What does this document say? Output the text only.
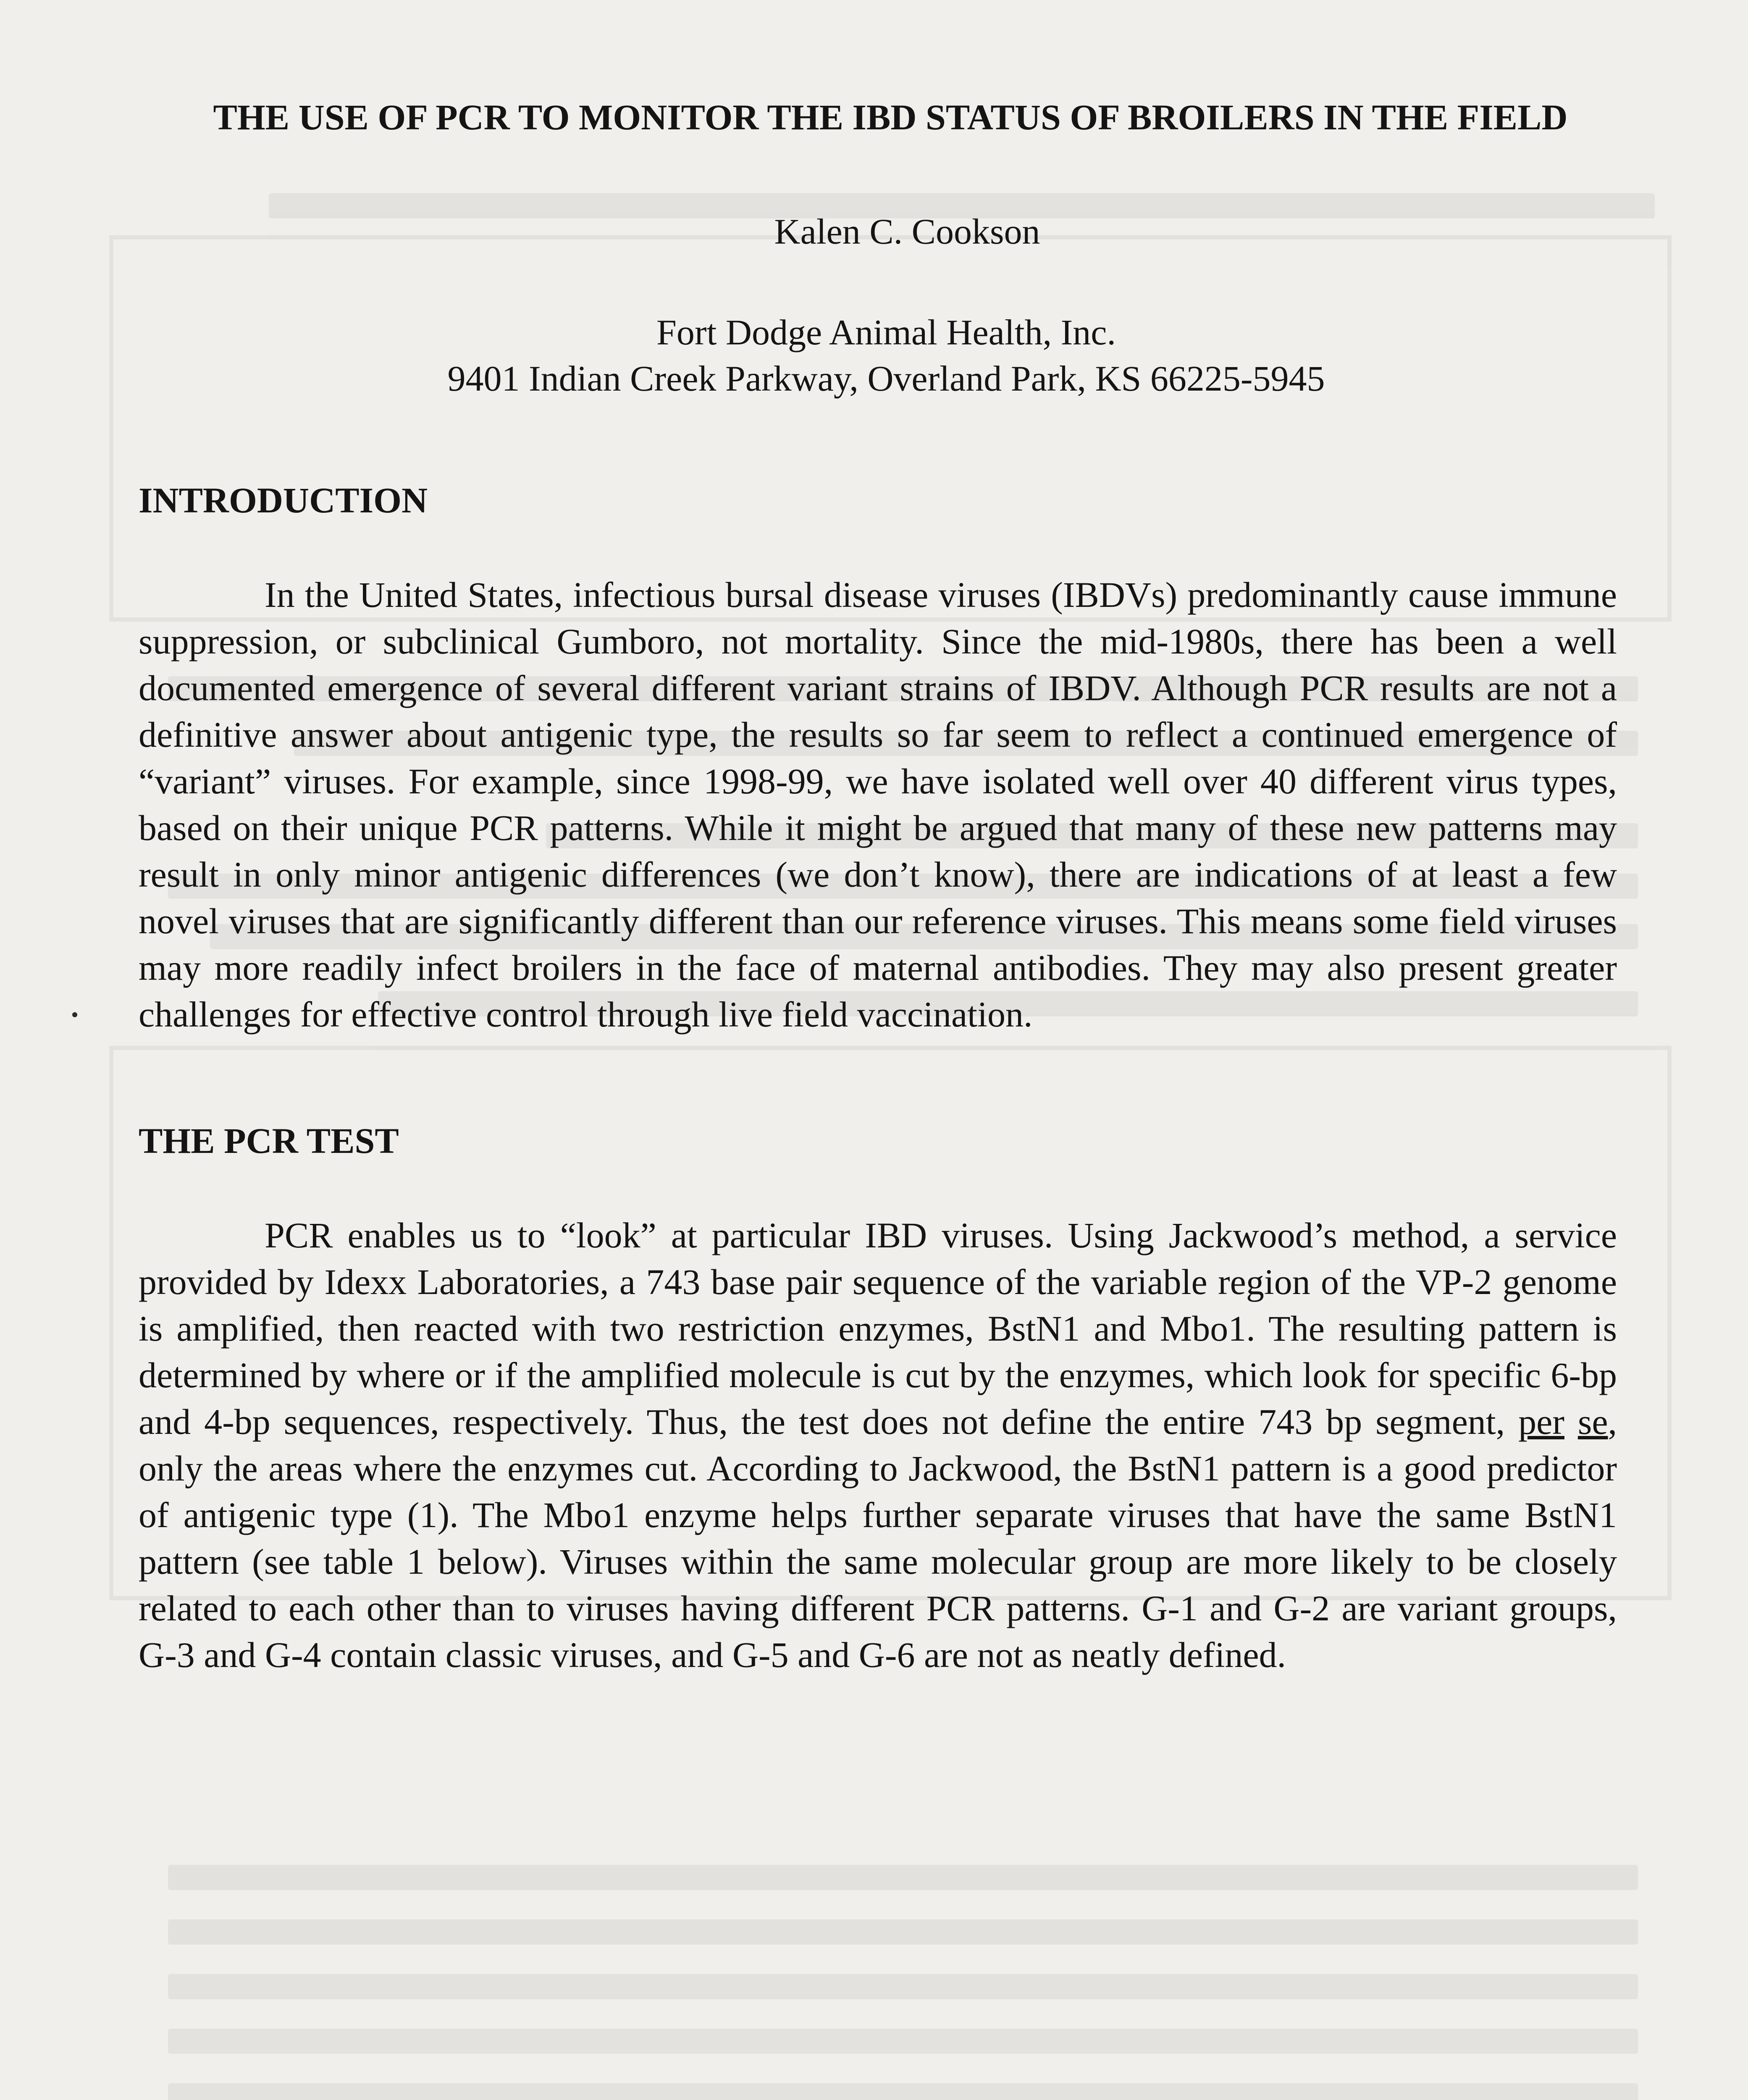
THE USE OF PCR TO MONITOR THE IBD STATUS OF BROILERS IN THE FIELD
Kalen C. Cookson
Fort Dodge Animal Health, Inc.
9401 Indian Creek Parkway, Overland Park, KS 66225-5945
INTRODUCTION

In the United States, infectious bursal disease viruses (IBDVs) predominantly cause immune suppression, or subclinical Gumboro, not mortality. Since the mid-1980s, there has been a well documented emergence of several different variant strains of IBDV. Although PCR results are not a definitive answer about antigenic type, the results so far seem to reflect a continued emergence of “variant” viruses. For example, since 1998-99, we have isolated well over 40 different virus types, based on their unique PCR patterns. While it might be argued that many of these new patterns may result in only minor antigenic differences (we don’t know), there are indications of at least a few novel viruses that are significantly different than our reference viruses. This means some field viruses may more readily infect broilers in the face of maternal antibodies. They may also present greater challenges for effective control through live field vaccination.

THE PCR TEST

PCR enables us to “look” at particular IBD viruses. Using Jackwood’s method, a service provided by Idexx Laboratories, a 743 base pair sequence of the variable region of the VP-2 genome is amplified, then reacted with two restriction enzymes, BstN1 and Mbo1. The resulting pattern is determined by where or if the amplified molecule is cut by the enzymes, which look for specific 6-bp and 4-bp sequences, respectively. Thus, the test does not define the entire 743 bp segment, per se, only the areas where the enzymes cut. According to Jackwood, the BstN1 pattern is a good predictor of antigenic type (1). The Mbo1 enzyme helps further separate viruses that have the same BstN1 pattern (see table 1 below). Viruses within the same molecular group are more likely to be closely related to each other than to viruses having different PCR patterns. G-1 and G-2 are variant groups, G-3 and G-4 contain classic viruses, and G-5 and G-6 are not as neatly defined.
